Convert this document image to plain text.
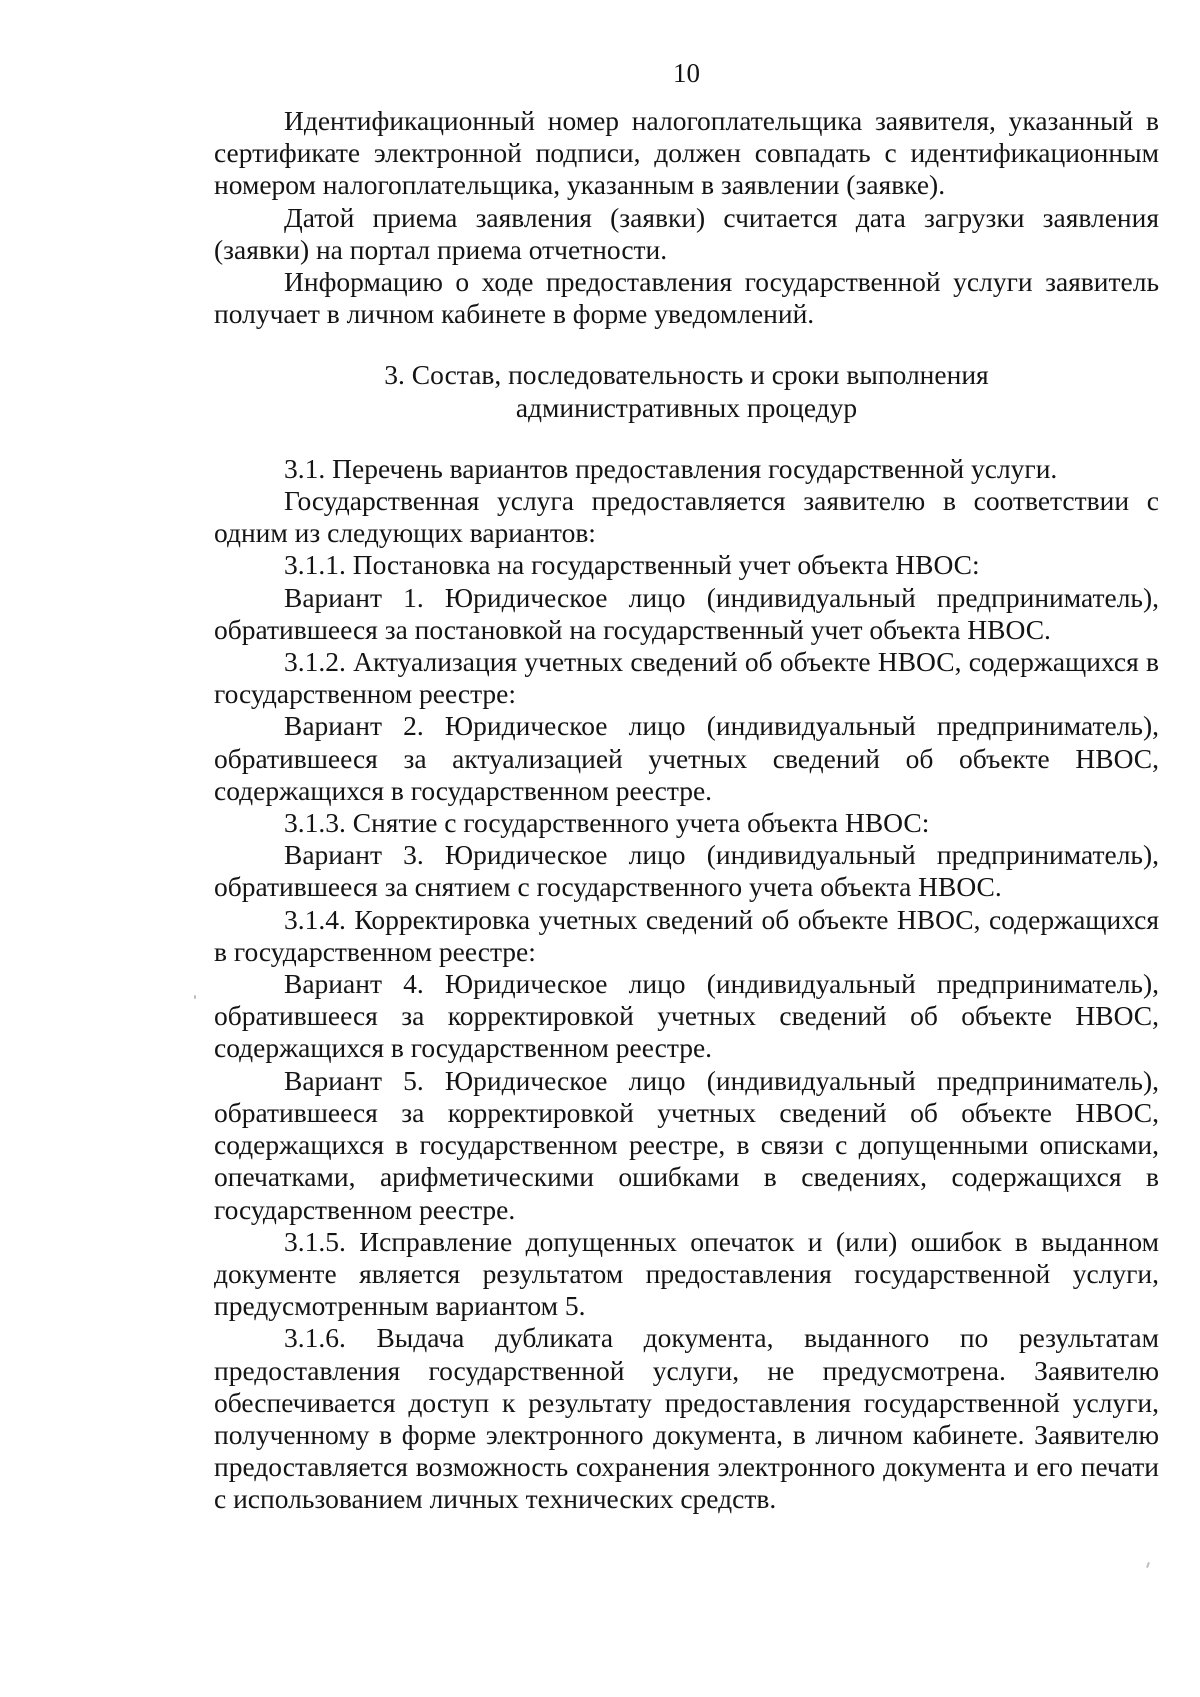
10

Идентификационный номер налогоплательщика заявителя, указанный в сертификате электронной подписи, должен совпадать с идентификационным номером налогоплательщика, указанным в заявлении (заявке).

Датой приема заявления (заявки) считается дата загрузки заявления (заявки) на портал приема отчетности.

Информацию о ходе предоставления государственной услуги заявитель получает в личном кабинете в форме уведомлений.

3. Состав, последовательность и сроки выполнения
административных процедур

3.1. Перечень вариантов предоставления государственной услуги.

Государственная услуга предоставляется заявителю в соответствии с одним из следующих вариантов:

3.1.1. Постановка на государственный учет объекта НВОС:

Вариант 1. Юридическое лицо (индивидуальный предприниматель), обратившееся за постановкой на государственный учет объекта НВОС.

3.1.2. Актуализация учетных сведений об объекте НВОС, содержащихся в государственном реестре:

Вариант 2. Юридическое лицо (индивидуальный предприниматель), обратившееся за актуализацией учетных сведений об объекте НВОС, содержащихся в государственном реестре.

3.1.3. Снятие с государственного учета объекта НВОС:

Вариант 3. Юридическое лицо (индивидуальный предприниматель), обратившееся за снятием с государственного учета объекта НВОС.

3.1.4. Корректировка учетных сведений об объекте НВОС, содержащихся в государственном реестре:

Вариант 4. Юридическое лицо (индивидуальный предприниматель), обратившееся за корректировкой учетных сведений об объекте НВОС, содержащихся в государственном реестре.

Вариант 5. Юридическое лицо (индивидуальный предприниматель), обратившееся за корректировкой учетных сведений об объекте НВОС, содержащихся в государственном реестре, в связи с допущенными описками, опечатками, арифметическими ошибками в сведениях, содержащихся в государственном реестре.

3.1.5. Исправление допущенных опечаток и (или) ошибок в выданном документе является результатом предоставления государственной услуги, предусмотренным вариантом 5.

3.1.6. Выдача дубликата документа, выданного по результатам предоставления государственной услуги, не предусмотрена. Заявителю обеспечивается доступ к результату предоставления государственной услуги, полученному в форме электронного документа, в личном кабинете. Заявителю предоставляется возможность сохранения электронного документа и его печати с использованием личных технических средств.
